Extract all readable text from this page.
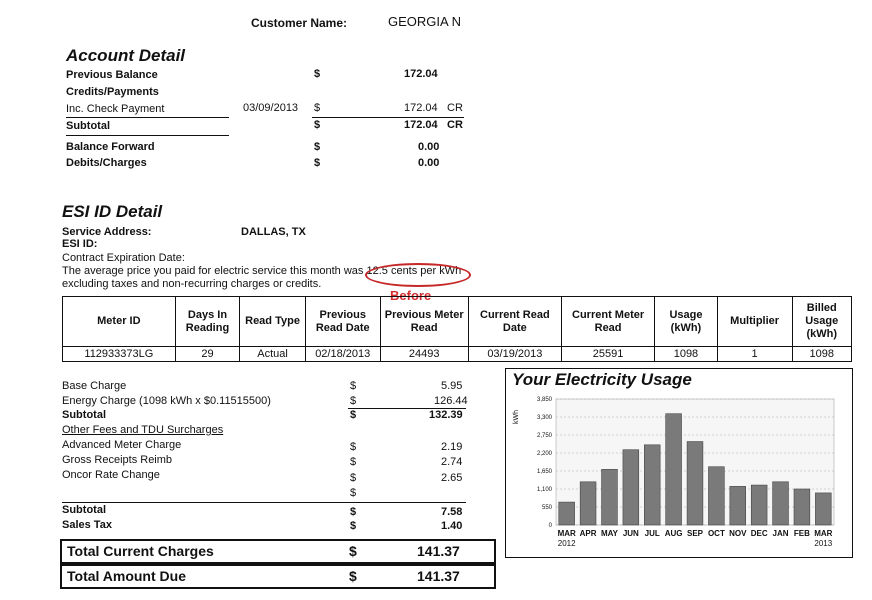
Customer Name:	GEORGIA N
Account Detail
Previous Balance	$	172.04
Credits/Payments
Inc. Check Payment	03/09/2013 $	172.04 CR
Subtotal	$	172.04 CR
Balance Forward	$	0.00
Debits/Charges	$	0.00
ESI ID Detail
Service Address:	DALLAS, TX
ESI ID:
Contract Expiration Date:
The average price you paid for electric service this month was 12.5 cents per kWh
excluding taxes and non-recurring charges or credits.
Before
Meter ID	Days In Reading	Read Type	Previous Read Date	Previous Meter Read	Current Read Date	Current Meter Read	Usage (kWh)	Multiplier	Billed Usage (kWh)
112933373LG	29	Actual	02/18/2013	24493	03/19/2013	25591	1098	1	1098
Base Charge	$	5.95
Energy Charge (1098 kWh x $0.11515500)	$	126.44
Subtotal	$	132.39
Other Fees and TDU Surcharges
Advanced Meter Charge	$	2.19
Gross Receipts Reimb	$	2.74
Oncor Rate Change	$	2.65
$
Subtotal	$	7.58
Sales Tax	$	1.40
Total Current Charges	$	141.37
Total Amount Due	$	141.37
Your Electricity Usage
0
550
1,100
1,650
2,200
2,750
3,300
3,850
kWh
MAR APR MAY JUN JUL AUG SEP OCT NOV DEC JAN FEB MAR
2012	2013
